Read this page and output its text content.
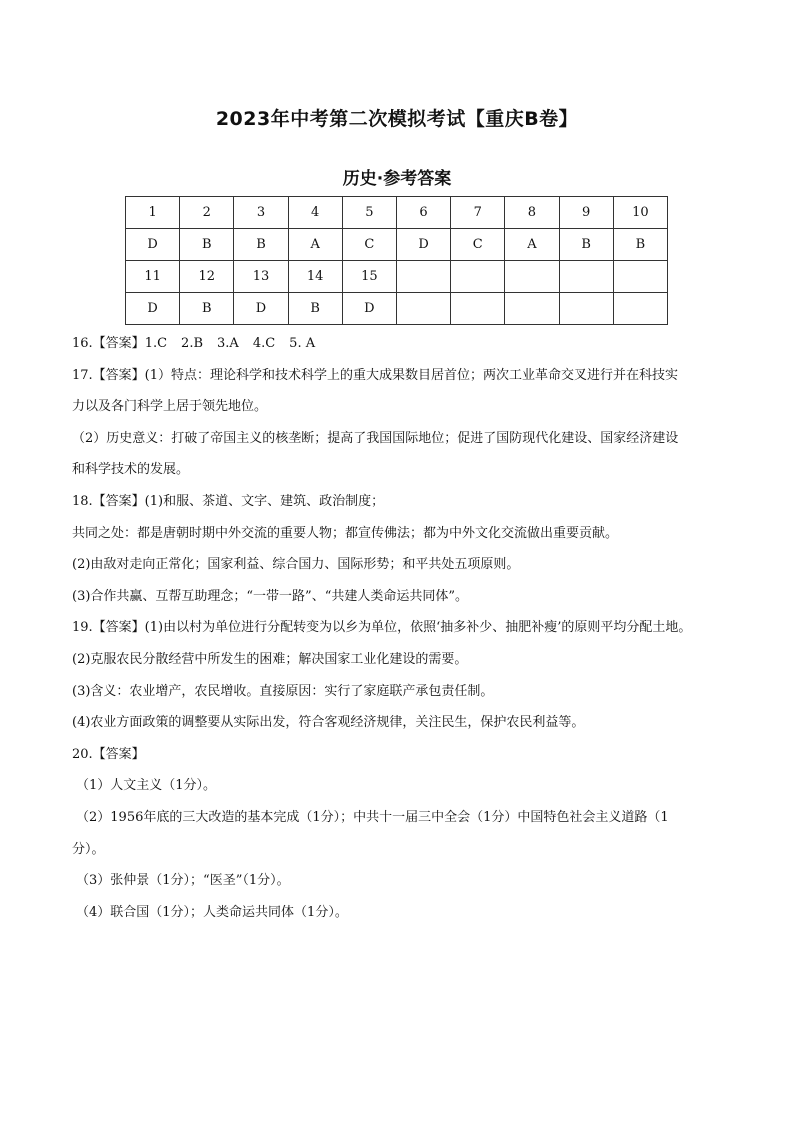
2023年中考第二次模拟考试【重庆B卷】
历史·参考答案
1	2	3	4	5	6	7	8	9	10
D	B	B	A	C	D	C	A	B	B
11	12	13	14	15					
D	B	D	B	D					

16.【答案】1.C 2.B 3.A 4.C 5. A

17.【答案】(1）特点：理论科学和技术科学上的重大成果数目居首位；两次工业革命交叉进行并在科技实

力以及各门科学上居于领先地位。

（2）历史意义：打破了帝国主义的核垄断；提高了我国国际地位；促进了国防现代化建设、国家经济建设

和科学技术的发展。

18.【答案】(1)和服、茶道、文字、建筑、政治制度；

共同之处：都是唐朝时期中外交流的重要人物；都宣传佛法；都为中外文化交流做出重要贡献。

(2)由敌对走向正常化；国家利益、综合国力、国际形势；和平共处五项原则。

(3)合作共赢、互帮互助理念；“一带一路”、“共建人类命运共同体”。

19.【答案】(1)由以村为单位进行分配转变为以乡为单位，依照‘抽多补少、抽肥补瘦’的原则平均分配土地。

(2)克服农民分散经营中所发生的困难；解决国家工业化建设的需要。

(3)含义：农业增产，农民增收。直接原因：实行了家庭联产承包责任制。

(4)农业方面政策的调整要从实际出发，符合客观经济规律，关注民生，保护农民利益等。

20.【答案】

（1）人文主义（1分）。

（2）1956年底的三大改造的基本完成（1分）；中共十一届三中全会（1分）中国特色社会主义道路（1

分）。

（3）张仲景（1分）；“医圣”（1分）。

（4）联合国（1分）；人类命运共同体（1分）。
